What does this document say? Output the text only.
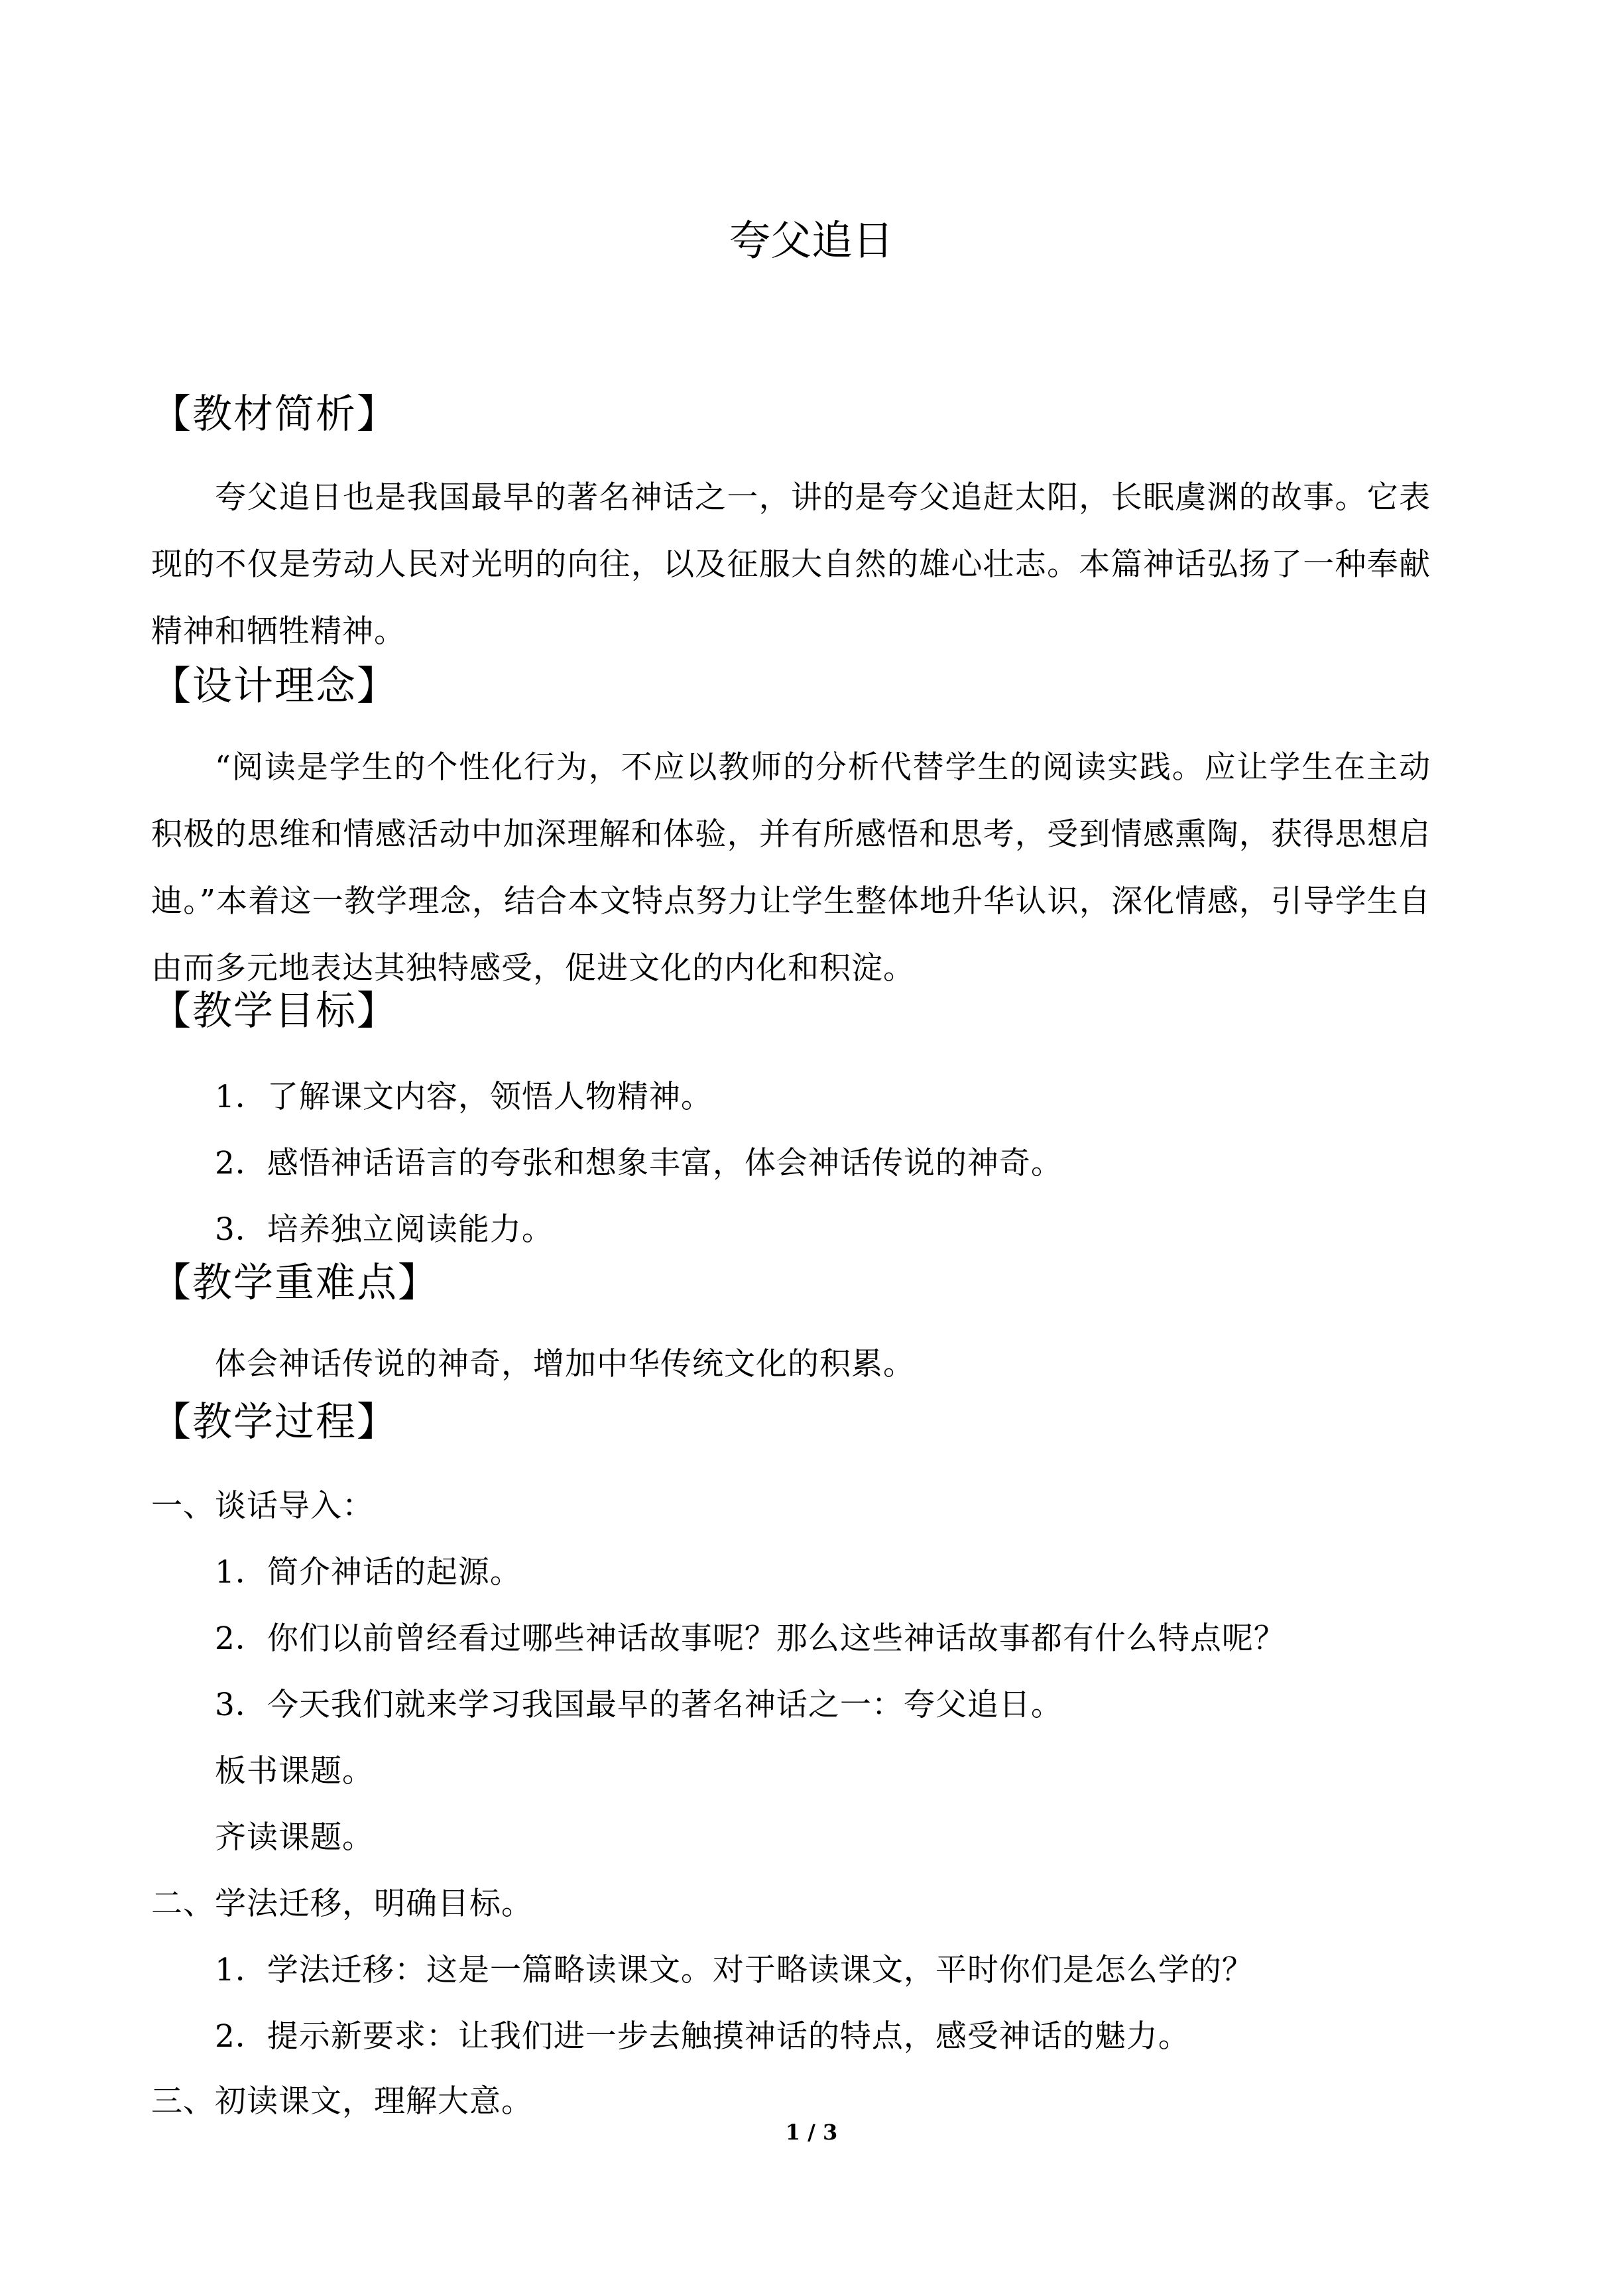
夸父追日
【教材简析】
夸父追日也是我国最早的著名神话之一，讲的是夸父追赶太阳，长眠虞渊的故事。它表现的不仅是劳动人民对光明的向往，以及征服大自然的雄心壮志。本篇神话弘扬了一种奉献精神和牺牲精神。
【设计理念】
“阅读是学生的个性化行为，不应以教师的分析代替学生的阅读实践。应让学生在主动积极的思维和情感活动中加深理解和体验，并有所感悟和思考，受到情感熏陶，获得思想启迪。”本着这一教学理念，结合本文特点努力让学生整体地升华认识，深化情感，引导学生自由而多元地表达其独特感受，促进文化的内化和积淀。
【教学目标】
1．了解课文内容，领悟人物精神。
2．感悟神话语言的夸张和想象丰富，体会神话传说的神奇。
3．培养独立阅读能力。
【教学重难点】
体会神话传说的神奇，增加中华传统文化的积累。
【教学过程】
一、谈话导入：
1．简介神话的起源。
2．你们以前曾经看过哪些神话故事呢？那么这些神话故事都有什么特点呢？
3．今天我们就来学习我国最早的著名神话之一：夸父追日。
板书课题。
齐读课题。
二、学法迁移，明确目标。
1．学法迁移：这是一篇略读课文。对于略读课文，平时你们是怎么学的？
2．提示新要求：让我们进一步去触摸神话的特点，感受神话的魅力。
三、初读课文，理解大意。
1 / 3
